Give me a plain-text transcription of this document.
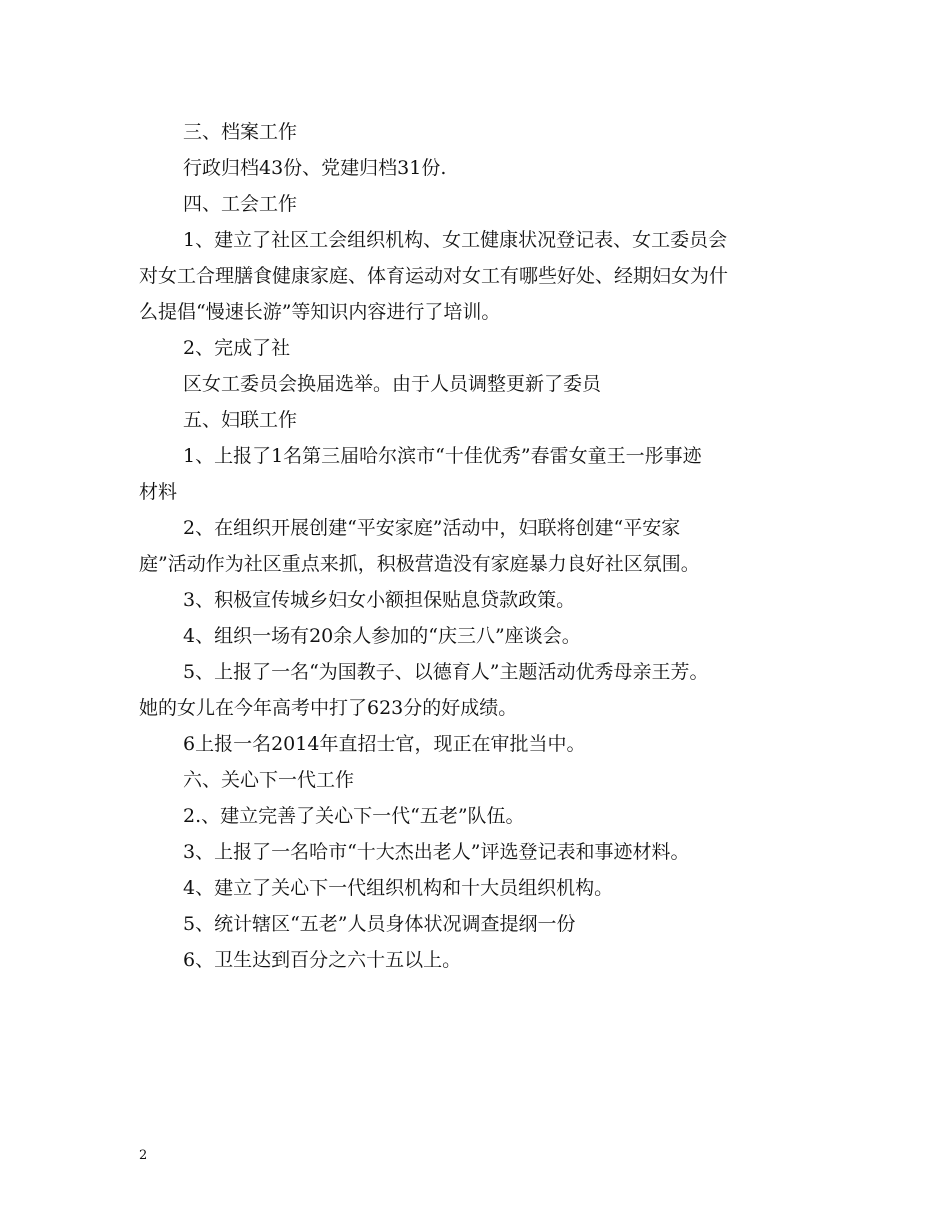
三、档案工作
行政归档43份、党建归档31份.
四、工会工作
1、建立了社区工会组织机构、女工健康状况登记表、女工委员会
对女工合理膳食健康家庭、体育运动对女工有哪些好处、经期妇女为什
么提倡“慢速长游”等知识内容进行了培训。
2、完成了社
区女工委员会换届选举。由于人员调整更新了委员
五、妇联工作
1、上报了1名第三届哈尔滨市“十佳优秀”春雷女童王一彤事迹
材料
2、在组织开展创建“平安家庭”活动中，妇联将创建“平安家
庭”活动作为社区重点来抓，积极营造没有家庭暴力良好社区氛围。
3、积极宣传城乡妇女小额担保贴息贷款政策。
4、组织一场有20余人参加的“庆三八”座谈会。
5、上报了一名“为国教子、以德育人”主题活动优秀母亲王芳。
她的女儿在今年高考中打了623分的好成绩。
6上报一名2014年直招士官，现正在审批当中。
六、关心下一代工作
2.、建立完善了关心下一代“五老”队伍。
3、上报了一名哈市“十大杰出老人”评选登记表和事迹材料。
4、建立了关心下一代组织机构和十大员组织机构。
5、统计辖区“五老”人员身体状况调查提纲一份
6、卫生达到百分之六十五以上。
2
